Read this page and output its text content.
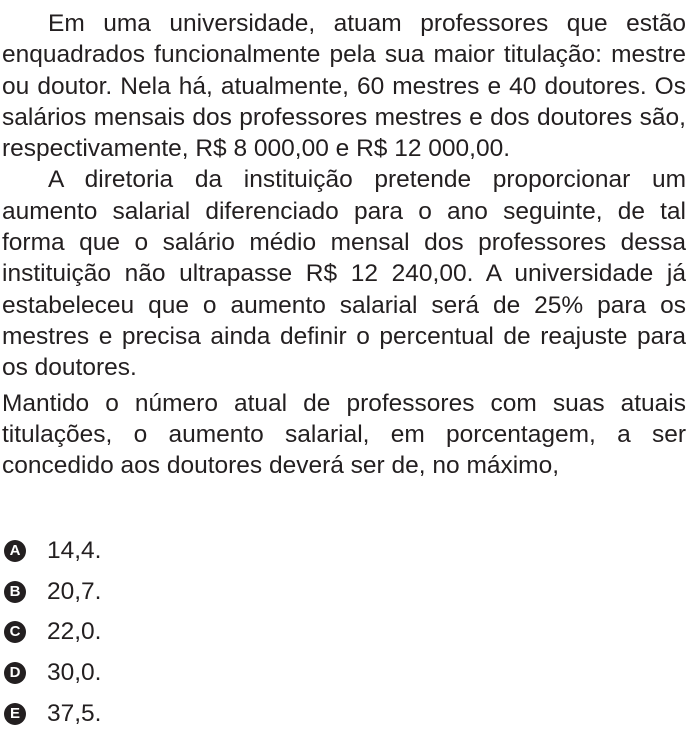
Em uma universidade, atuam professores que estão enquadrados funcionalmente pela sua maior titulação: mestre ou doutor. Nela há, atualmente, 60 mestres e 40 doutores. Os salários mensais dos professores mestres e dos doutores são, respectivamente, R$ 8 000,00 e R$ 12 000,00.

A diretoria da instituição pretende proporcionar um aumento salarial diferenciado para o ano seguinte, de tal forma que o salário médio mensal dos professores dessa instituição não ultrapasse R$ 12 240,00. A universidade já estabeleceu que o aumento salarial será de 25% para os mestres e precisa ainda definir o percentual de reajuste para os doutores.

Mantido o número atual de professores com suas atuais titulações, o aumento salarial, em porcentagem, a ser concedido aos doutores deverá ser de, no máximo,

A 14,4.
B 20,7.
C 22,0.
D 30,0.
E 37,5.
